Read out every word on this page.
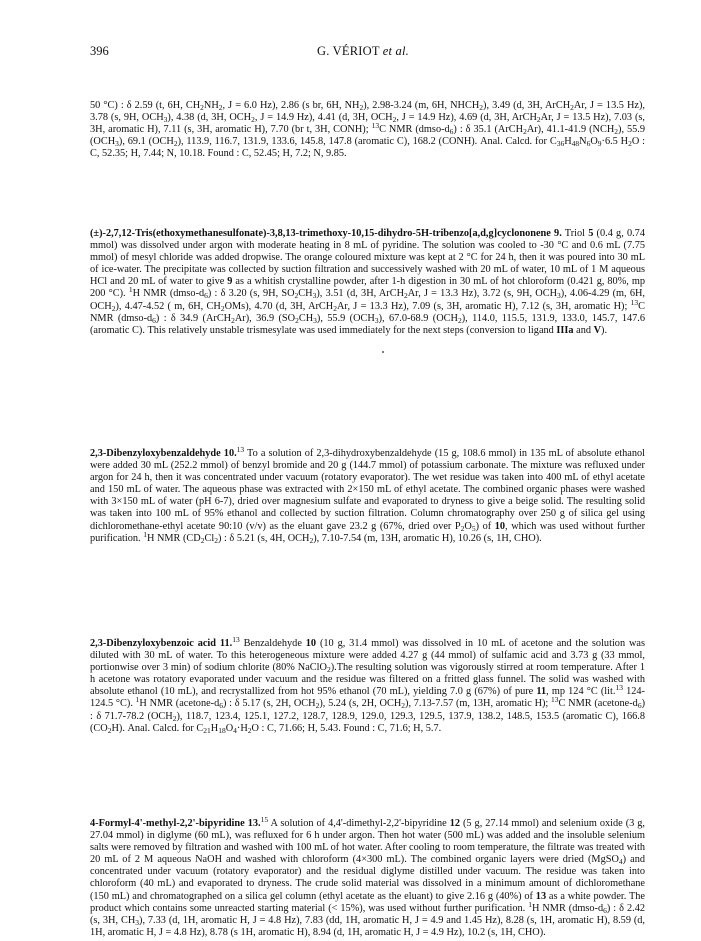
396	G. VÉRIOT et al.

50 °C) : δ 2.59 (t, 6H, $CH_2NH_2$, J = 6.0 Hz), 2.86 (s br, 6H, $NH_2$), 2.98-3.24 (m, 6H, $NHCH_2$), 3.49 (d, 3H, ArCH$_2$Ar, J = 13.5 Hz), 3.78 (s, 9H, $OCH_3$), 4.38 (d, 3H, $OCH_2$, J = 14.9 Hz), 4.41 (d, 3H, $OCH_2$, J = 14.9 Hz), 4.69 (d, 3H, ArCH$_2$Ar, J = 13.5 Hz), 7.03 (s, 3H, aromatic H), 7.11 (s, 3H, aromatic H), 7.70 (br t, 3H, CONH); $^{13}$C NMR $(dmso-d_6)$ : δ 35.1 (ArCH$_2$Ar), 41.1-41.9 $(NCH_2)$, 55.9 $(OCH_3)$, 69.1 $(OCH_2)$, 113.9, 116.7, 131.9, 133.6, 145.8, 147.8 (aromatic C), 168.2 (CONH). Anal. Calcd. for $C_{36}H_{48}N_6O_9\cdot 6.5$ $H_2O$ : C, 52.35; H, 7.44; N, 10.18. Found : C, 52.45; H, 7.2; N, 9.85.

(±)-2,7,12-Tris(ethoxymethanesulfonate)-3,8,13-trimethoxy-10,15-dihydro-5H-tribenzo[a,d,g]cyclononene 9. Triol 5 (0.4 g, 0.74 mmol) was dissolved under argon with moderate heating in 8 mL of pyridine. The solution was cooled to -30 °C and 0.6 mL (7.75 mmol) of mesyl chloride was added dropwise. The orange coloured mixture was kept at 2 °C for 24 h, then it was poured into 30 mL of ice-water. The precipitate was collected by suction filtration and successively washed with 20 mL of water, 10 mL of 1 M aqueous HCl and 20 mL of water to give 9 as a whitish crystalline powder, after 1-h digestion in 30 mL of hot chloroform (0.421 g, 80%, mp 200 °C). $^1$H NMR $(dmso-d_6)$ : δ 3.20 (s, 9H, $SO_2CH_3$), 3.51 (d, 3H, ArCH$_2$Ar, J = 13.3 Hz), 3.72 (s, 9H, $OCH_3$), 4.06-4.29 (m, 6H, $OCH_2$), 4.47-4.52 ( m, 6H, $CH_2OMs$), 4.70 (d, 3H, ArCH$_2$Ar, J = 13.3 Hz), 7.09 (s, 3H, aromatic H), 7.12 (s, 3H, aromatic H); $^{13}$C NMR $(dmso-d_6)$ : δ 34.9 (ArCH$_2$Ar), 36.9 $(SO_2CH_3)$, 55.9 $(OCH_3)$, 67.0-68.9 $(OCH_2)$, 114.0, 115.5, 131.9, 133.0, 145.7, 147.6 (aromatic C). This relatively unstable trismesylate was used immediately for the next steps (conversion to ligand IIIa and V).

2,3-Dibenzyloxybenzaldehyde 10.13 To a solution of 2,3-dihydroxybenzaldehyde (15 g, 108.6 mmol) in 135 mL of absolute ethanol were added 30 mL (252.2 mmol) of benzyl bromide and 20 g (144.7 mmol) of potassium carbonate. The mixture was refluxed under argon for 24 h, then it was concentrated under vacuum (rotatory evaporator). The wet residue was taken into 400 mL of ethyl acetate and 150 mL of water. The aqueous phase was extracted with 2×150 mL of ethyl acetate. The combined organic phases were washed with 3×150 mL of water (pH 6-7), dried over magnesium sulfate and evaporated to dryness to give a beige solid. The resulting solid was taken into 100 mL of 95% ethanol and collected by suction filtration. Column chromatography over 250 g of silica gel using dichloromethane-ethyl acetate 90:10 (v/v) as the eluant gave 23.2 g (67%, dried over $P_2O_5$) of 10, which was used without further purification. $^1$H NMR $(CD_2Cl_2)$ : δ 5.21 (s, 4H, $OCH_2$), 7.10-7.54 (m, 13H, aromatic H), 10.26 (s, 1H, CHO).

2,3-Dibenzyloxybenzoic acid 11.13 Benzaldehyde 10 (10 g, 31.4 mmol) was dissolved in 10 mL of acetone and the solution was diluted with 30 mL of water. To this heterogeneous mixture were added 4.27 g (44 mmol) of sulfamic acid and 3.73 g (33 mmol, portionwise over 3 min) of sodium chlorite (80% NaClO$_2$).The resulting solution was vigorously stirred at room temperature. After 1 h acetone was rotatory evaporated under vacuum and the residue was filtered on a fritted glass funnel. The solid was washed with absolute ethanol (10 mL), and recrystallized from hot 95% ethanol (70 mL), yielding 7.0 g (67%) of pure 11, mp 124 °C (lit.$^{13}$ 124-124.5 °C). $^1$H NMR $(acetone-d_6)$ : δ 5.17 (s, 2H, $OCH_2$), 5.24 (s, 2H, $OCH_2$), 7.13-7.57 (m, 13H, aromatic H); $^{13}$C NMR $(acetone-d_6)$ : δ 71.7-78.2 $(OCH_2)$, 118.7, 123.4, 125.1, 127.2, 128.7, 128.9, 129.0, 129.3, 129.5, 137.9, 138.2, 148.5, 153.5 (aromatic C), 166.8 $(CO_2H)$. Anal. Calcd. for $C_{21}H_{18}O_4\cdot H_2O$ : C, 71.66; H, 5.43. Found : C, 71.6; H, 5.7.

4-Formyl-4'-methyl-2,2'-bipyridine 13.15 A solution of 4,4'-dimethyl-2,2'-bipyridine 12 (5 g, 27.14 mmol) and selenium oxide (3 g, 27.04 mmol) in diglyme (60 mL), was refluxed for 6 h under argon. Then hot water (500 mL) was added and the insoluble selenium salts were removed by filtration and washed with 100 mL of hot water. After cooling to room temperature, the filtrate was treated with 20 mL of 2 M aqueous NaOH and washed with chloroform (4×300 mL). The combined organic layers were dried (MgSO$_4$) and concentrated under vacuum (rotatory evaporator) and the residual diglyme distilled under vacuum. The residue was taken into chloroform (40 mL) and evaporated to dryness. The crude solid material was dissolved in a minimum amount of dichloromethane (150 mL) and chromatographed on a silica gel column (ethyl acetate as the eluant) to give 2.16 g (40%) of 13 as a white powder. The product which contains some unreacted starting material (< 15%), was used without further purification. $^1$H NMR $(dmso-d_6)$ : δ 2.42 (s, 3H, $CH_3$), 7.33 (d, 1H, aromatic H, J = 4.8 Hz), 7.83 (dd, 1H, aromatic H, J = 4.9 and 1.45 Hz), 8.28 (s, 1H, aromatic H), 8.59 (d, 1H, aromatic H, J = 4.8 Hz), 8.78 (s 1H, aromatic H), 8.94 (d, 1H, aromatic H, J = 4.9 Hz), 10.2 (s, 1H, CHO).
